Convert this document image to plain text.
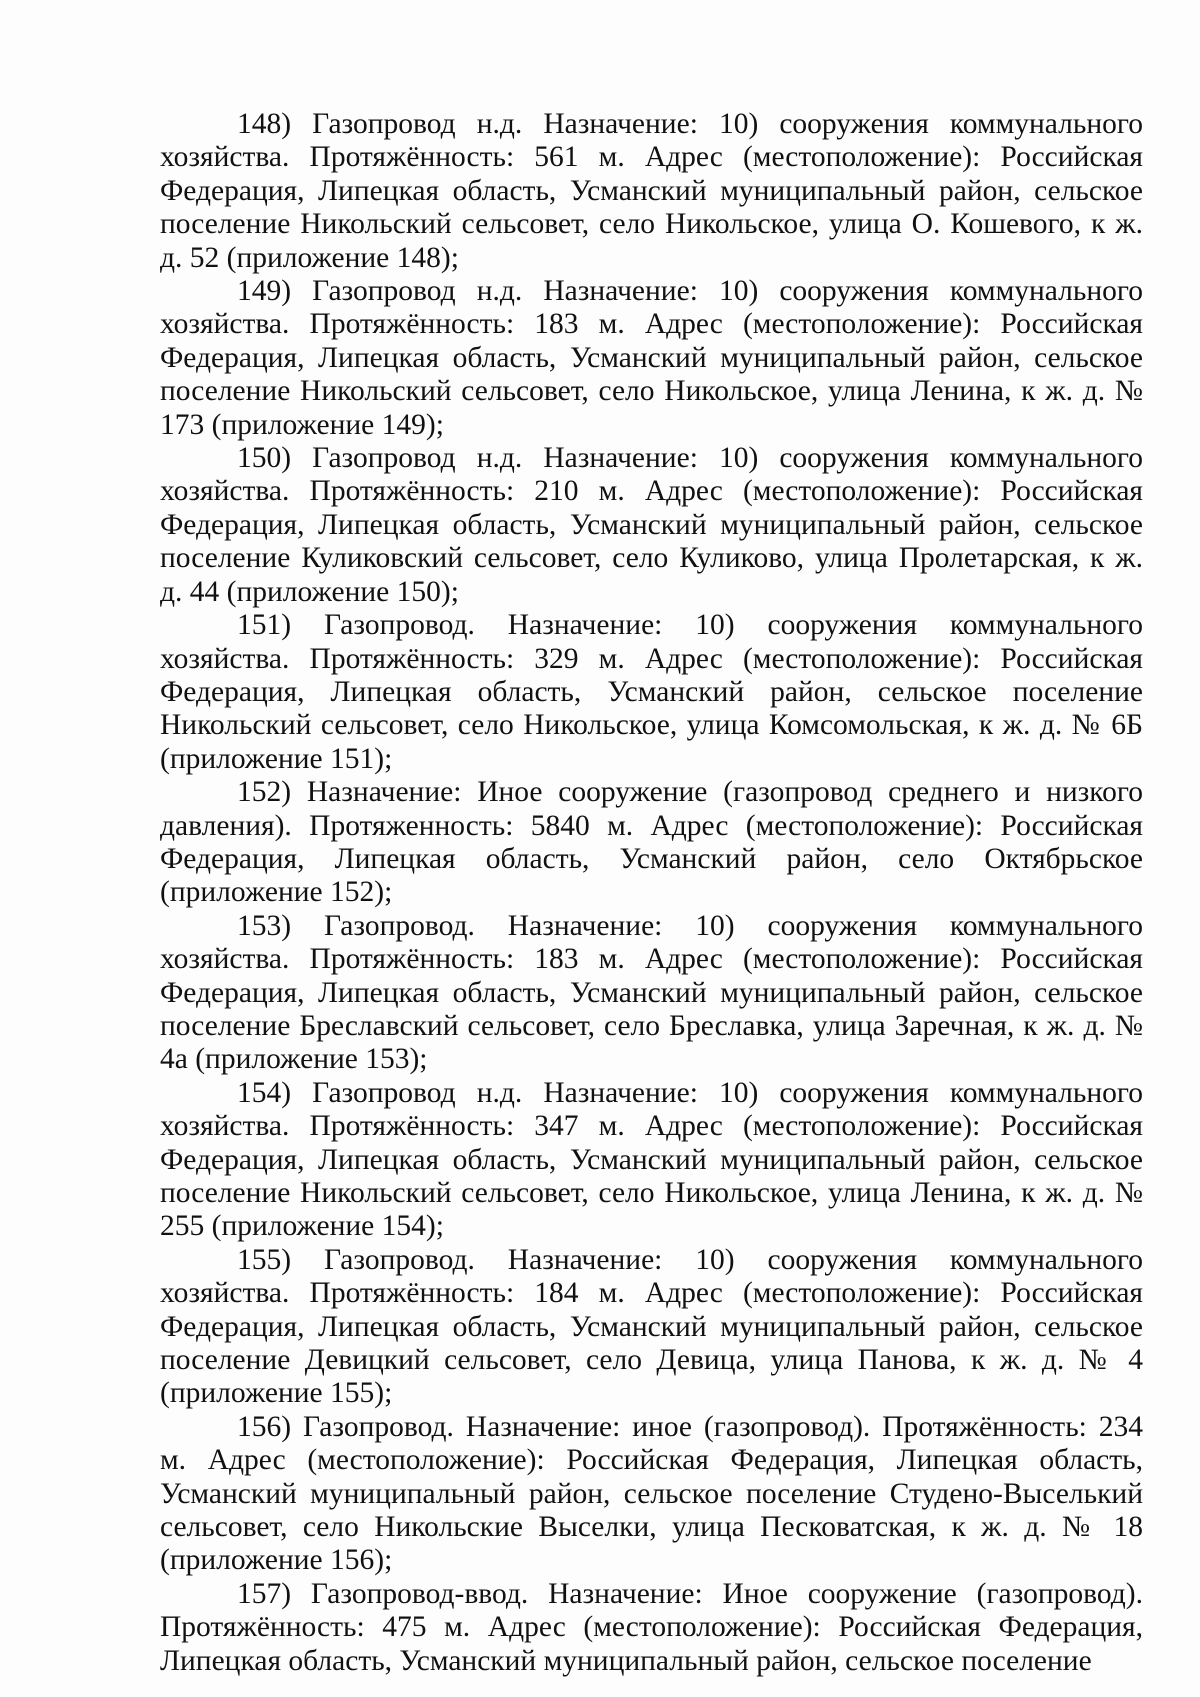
148) Газопровод н.д. Назначение: 10) сооружения коммунального хозяйства. Протяжённость: 561 м. Адрес (местоположение): Российская Федерация, Липецкая область, Усманский муниципальный район, сельское поселение Никольский сельсовет, село Никольское, улица О. Кошевого, к ж. д. 52 (приложение 148);

149) Газопровод н.д. Назначение: 10) сооружения коммунального хозяйства. Протяжённость: 183 м. Адрес (местоположение): Российская Федерация, Липецкая область, Усманский муниципальный район, сельское поселение Никольский сельсовет, село Никольское, улица Ленина, к ж. д. № 173 (приложение 149);

150) Газопровод н.д. Назначение: 10) сооружения коммунального хозяйства. Протяжённость: 210 м. Адрес (местоположение): Российская Федерация, Липецкая область, Усманский муниципальный район, сельское поселение Куликовский сельсовет, село Куликово, улица Пролетарская, к ж. д. 44 (приложение 150);

151) Газопровод. Назначение: 10) сооружения коммунального хозяйства. Протяжённость: 329 м. Адрес (местоположение): Российская Федерация, Липецкая область, Усманский район, сельское поселение Никольский сельсовет, село Никольское, улица Комсомольская, к ж. д. № 6Б (приложение 151);

152) Назначение: Иное сооружение (газопровод среднего и низкого давления). Протяженность: 5840 м. Адрес (местоположение): Российская Федерация, Липецкая область, Усманский район, село Октябрьское (приложение 152);

153) Газопровод. Назначение: 10) сооружения коммунального хозяйства. Протяжённость: 183 м. Адрес (местоположение): Российская Федерация, Липецкая область, Усманский муниципальный район, сельское поселение Бреславский сельсовет, село Бреславка, улица Заречная, к ж. д. № 4а (приложение 153);

154) Газопровод н.д. Назначение: 10) сооружения коммунального хозяйства. Протяжённость: 347 м. Адрес (местоположение): Российская Федерация, Липецкая область, Усманский муниципальный район, сельское поселение Никольский сельсовет, село Никольское, улица Ленина, к ж. д. № 255 (приложение 154);

155) Газопровод. Назначение: 10) сооружения коммунального хозяйства. Протяжённость: 184 м. Адрес (местоположение): Российская Федерация, Липецкая область, Усманский муниципальный район, сельское поселение Девицкий сельсовет, село Девица, улица Панова, к ж. д. № 4 (приложение 155);

156) Газопровод. Назначение: иное (газопровод). Протяжённость: 234 м. Адрес (местоположение): Российская Федерация, Липецкая область, Усманский муниципальный район, сельское поселение Студено-Выселький сельсовет, село Никольские Выселки, улица Песковатская, к ж. д. № 18 (приложение 156);

157) Газопровод-ввод. Назначение: Иное сооружение (газопровод). Протяжённость: 475 м. Адрес (местоположение): Российская Федерация, Липецкая область, Усманский муниципальный район, сельское поселение
